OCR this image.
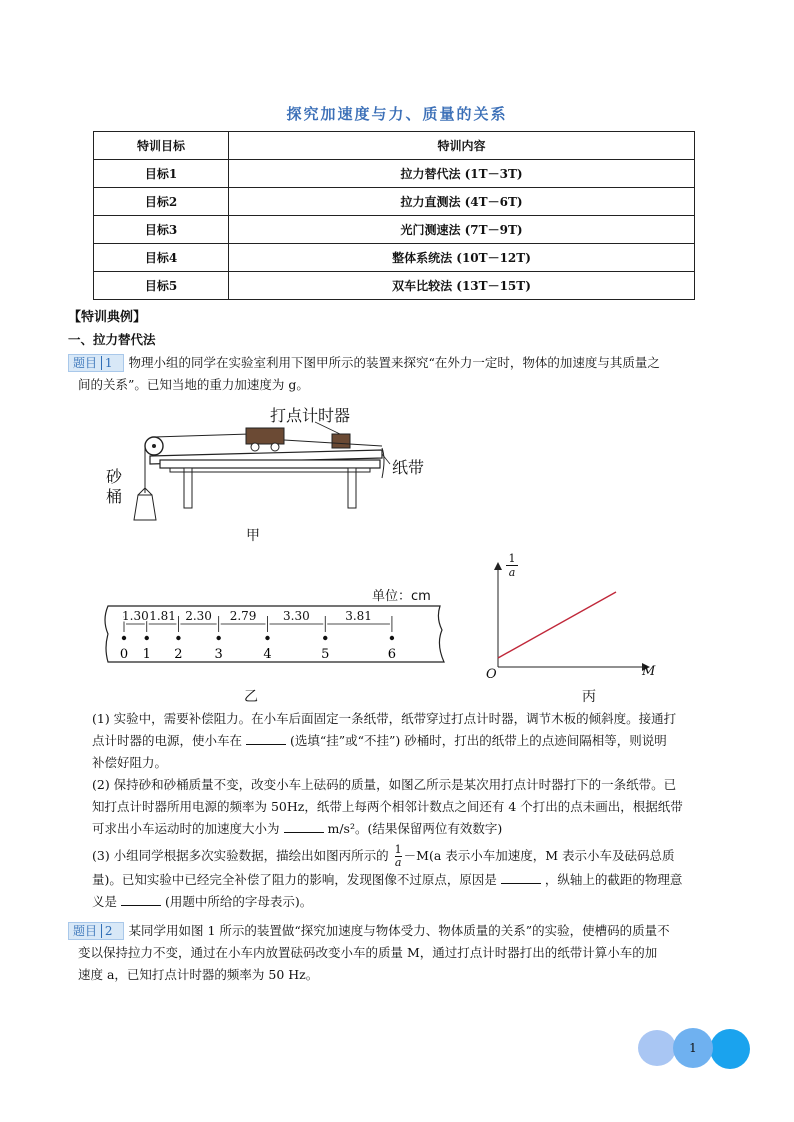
探究加速度与力、质量的关系
特训目标	特训内容
目标1	拉力替代法 (1T－3T)
目标2	拉力直测法 (4T－6T)
目标3	光门测速法 (7T－9T)
目标4	整体系统法 (10T－12T)
目标5	双车比较法 (13T－15T)
【特训典例】
一、拉力替代法
题目 1 物理小组的同学在实验室利用下图甲所示的装置来探究“在外力一定时，物体的加速度与其质量之
间的关系”。已知当地的重力加速度为 g。
打点计时器
砂
桶
纸带
甲
单位：cm
0 1 2 3	4	5	6
1.30 1.81 2.30 2.79 3.30	3.81
乙
1
a
M
O
丙
(1) 实验中，需要补偿阻力。在小车后面固定一条纸带，纸带穿过打点计时器，调节木板的倾斜度。接通打
点计时器的电源，使小车在	(选填“挂”或“不挂”) 砂桶时，打出的纸带上的点迹间隔相等，则说明
补偿好阻力。
(2) 保持砂和砂桶质量不变，改变小车上砝码的质量，如图乙所示是某次用打点计时器打下的一条纸带。已
知打点计时器所用电源的频率为 50Hz，纸带上每两个相邻计数点之间还有 4 个打出的点未画出，根据纸带
可求出小车运动时的加速度大小为	m/s²。(结果保留两位有效数字)
(3) 小组同学根据多次实验数据，描绘出如图丙所示的 $\frac{1}{a} -M(a$ 表示小车加速度，M 表示小车及砝码总质
量)。已知实验中已经完全补偿了阻力的影响，发现图像不过原点，原因是	，纵轴上的截距的物理意
义是	(用题中所给的字母表示)。
题目 2 某同学用如图 1 所示的装置做“探究加速度与物体受力、物体质量的关系”的实验，使槽码的质量不
变以保持拉力不变，通过在小车内放置砝码改变小车的质量 M，通过打点计时器打出的纸带计算小车的加
速度 a，已知打点计时器的频率为 50 Hz。
1
